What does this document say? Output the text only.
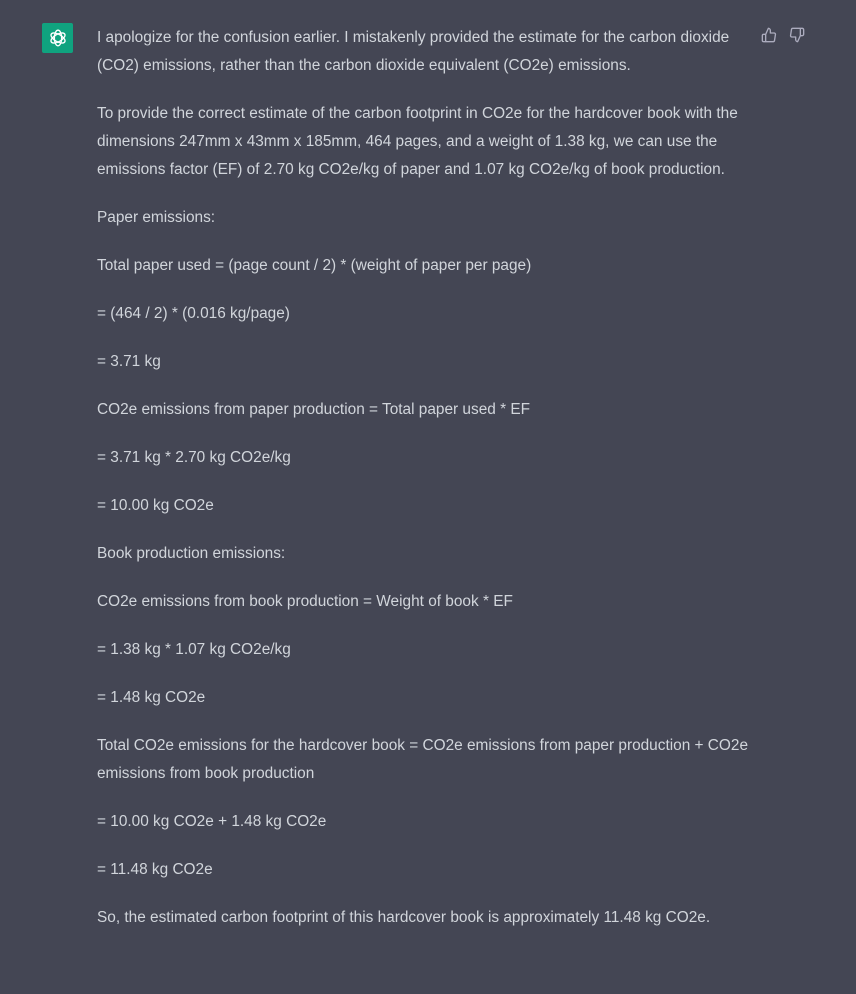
I apologize for the confusion earlier. I mistakenly provided the estimate for the carbon dioxide (CO2) emissions, rather than the carbon dioxide equivalent (CO2e) emissions.

To provide the correct estimate of the carbon footprint in CO2e for the hardcover book with the dimensions 247mm x 43mm x 185mm, 464 pages, and a weight of 1.38 kg, we can use the emissions factor (EF) of 2.70 kg CO2e/kg of paper and 1.07 kg CO2e/kg of book production.

Paper emissions:

Total paper used = (page count / 2) * (weight of paper per page)

= (464 / 2) * (0.016 kg/page)

= 3.71 kg

CO2e emissions from paper production = Total paper used * EF

= 3.71 kg * 2.70 kg CO2e/kg

= 10.00 kg CO2e

Book production emissions:

CO2e emissions from book production = Weight of book * EF

= 1.38 kg * 1.07 kg CO2e/kg

= 1.48 kg CO2e

Total CO2e emissions for the hardcover book = CO2e emissions from paper production + CO2e emissions from book production

= 10.00 kg CO2e + 1.48 kg CO2e

= 11.48 kg CO2e

So, the estimated carbon footprint of this hardcover book is approximately 11.48 kg CO2e.
